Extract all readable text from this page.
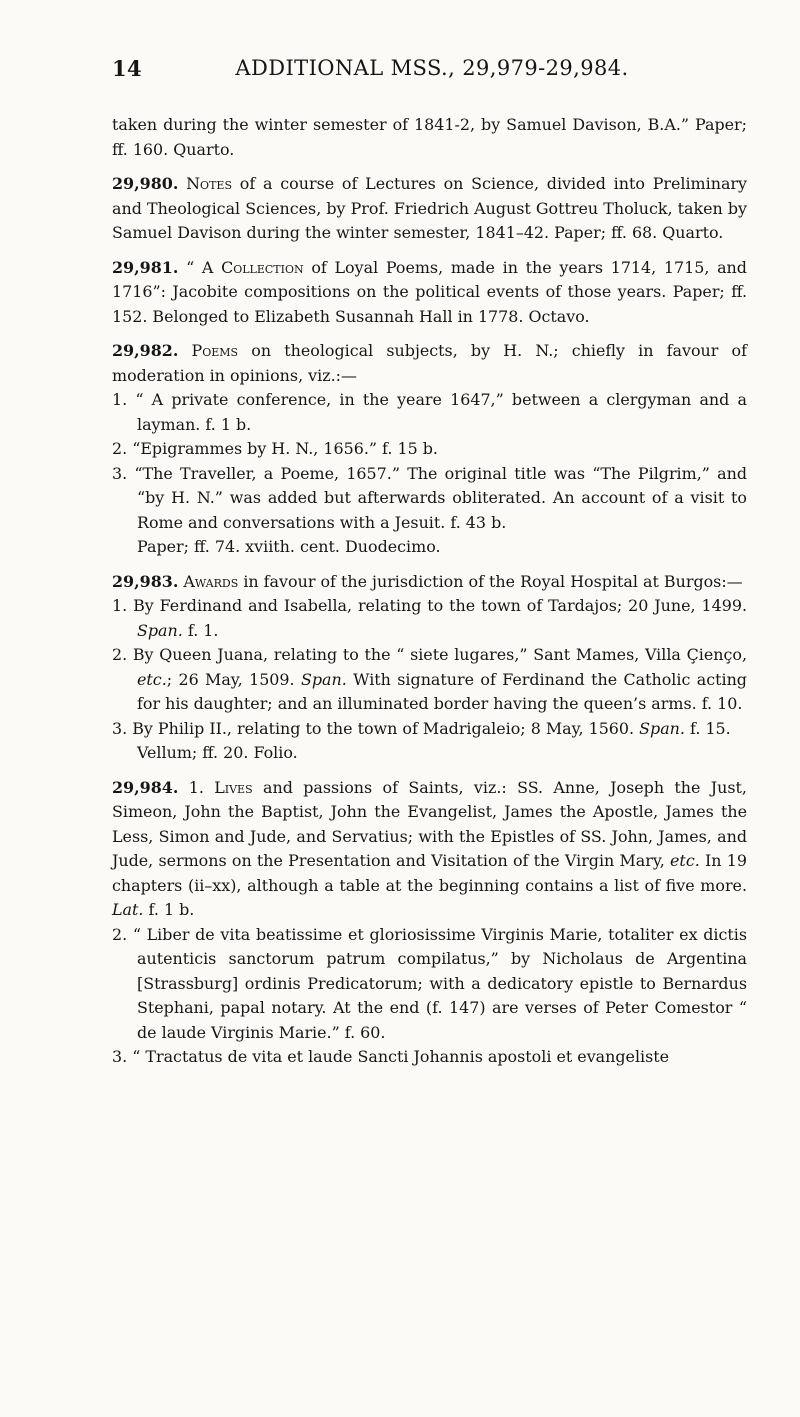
14	ADDITIONAL MSS., 29,979-29,984.

taken during the winter semester of 1841-2, by Samuel Davison, B.A.” Paper; ff. 160. Quarto.

29,980. Notes of a course of Lectures on Science, divided into Preliminary and Theological Sciences, by Prof. Friedrich August Gottreu Tholuck, taken by Samuel Davison during the winter semester, 1841–42. Paper; ff. 68. Quarto.

29,981. “ A Collection of Loyal Poems, made in the years 1714, 1715, and 1716”: Jacobite compositions on the political events of those years. Paper; ff. 152. Belonged to Elizabeth Susannah Hall in 1778. Octavo.

29,982. Poems on theological subjects, by H. N.; chiefly in favour of moderation in opinions, viz.:—

1. “ A private conference, in the yeare 1647,” between a clergyman and a layman. f. 1 b.

2. “Epigrammes by H. N., 1656.” f. 15 b.

3. “The Traveller, a Poeme, 1657.” The original title was “The Pilgrim,” and “by H. N.” was added but afterwards obliterated. An account of a visit to Rome and conversations with a Jesuit. f. 43 b.

Paper; ff. 74. xviith. cent. Duodecimo.

29,983. Awards in favour of the jurisdiction of the Royal Hospital at Burgos:—

1. By Ferdinand and Isabella, relating to the town of Tardajos; 20 June, 1499. Span. f. 1.

2. By Queen Juana, relating to the “ siete lugares,” Sant Mames, Villa Çienço, etc.; 26 May, 1509. Span. With signature of Ferdinand the Catholic acting for his daughter; and an illuminated border having the queen’s arms. f. 10.

3. By Philip II., relating to the town of Madrigaleio; 8 May, 1560. Span. f. 15.

Vellum; ff. 20. Folio.

29,984. 1. Lives and passions of Saints, viz.: SS. Anne, Joseph the Just, Simeon, John the Baptist, John the Evangelist, James the Apostle, James the Less, Simon and Jude, and Servatius; with the Epistles of SS. John, James, and Jude, sermons on the Presentation and Visitation of the Virgin Mary, etc. In 19 chapters (ii–xx), although a table at the beginning contains a list of five more. Lat. f. 1 b.

2. “ Liber de vita beatissime et gloriosissime Virginis Marie, totaliter ex dictis autenticis sanctorum patrum compilatus,” by Nicholaus de Argentina [Strassburg] ordinis Predicatorum; with a dedicatory epistle to Bernardus Stephani, papal notary. At the end (f. 147) are verses of Peter Comestor “ de laude Virginis Marie.” f. 60.

3. “ Tractatus de vita et laude Sancti Johannis apostoli et evangeliste
